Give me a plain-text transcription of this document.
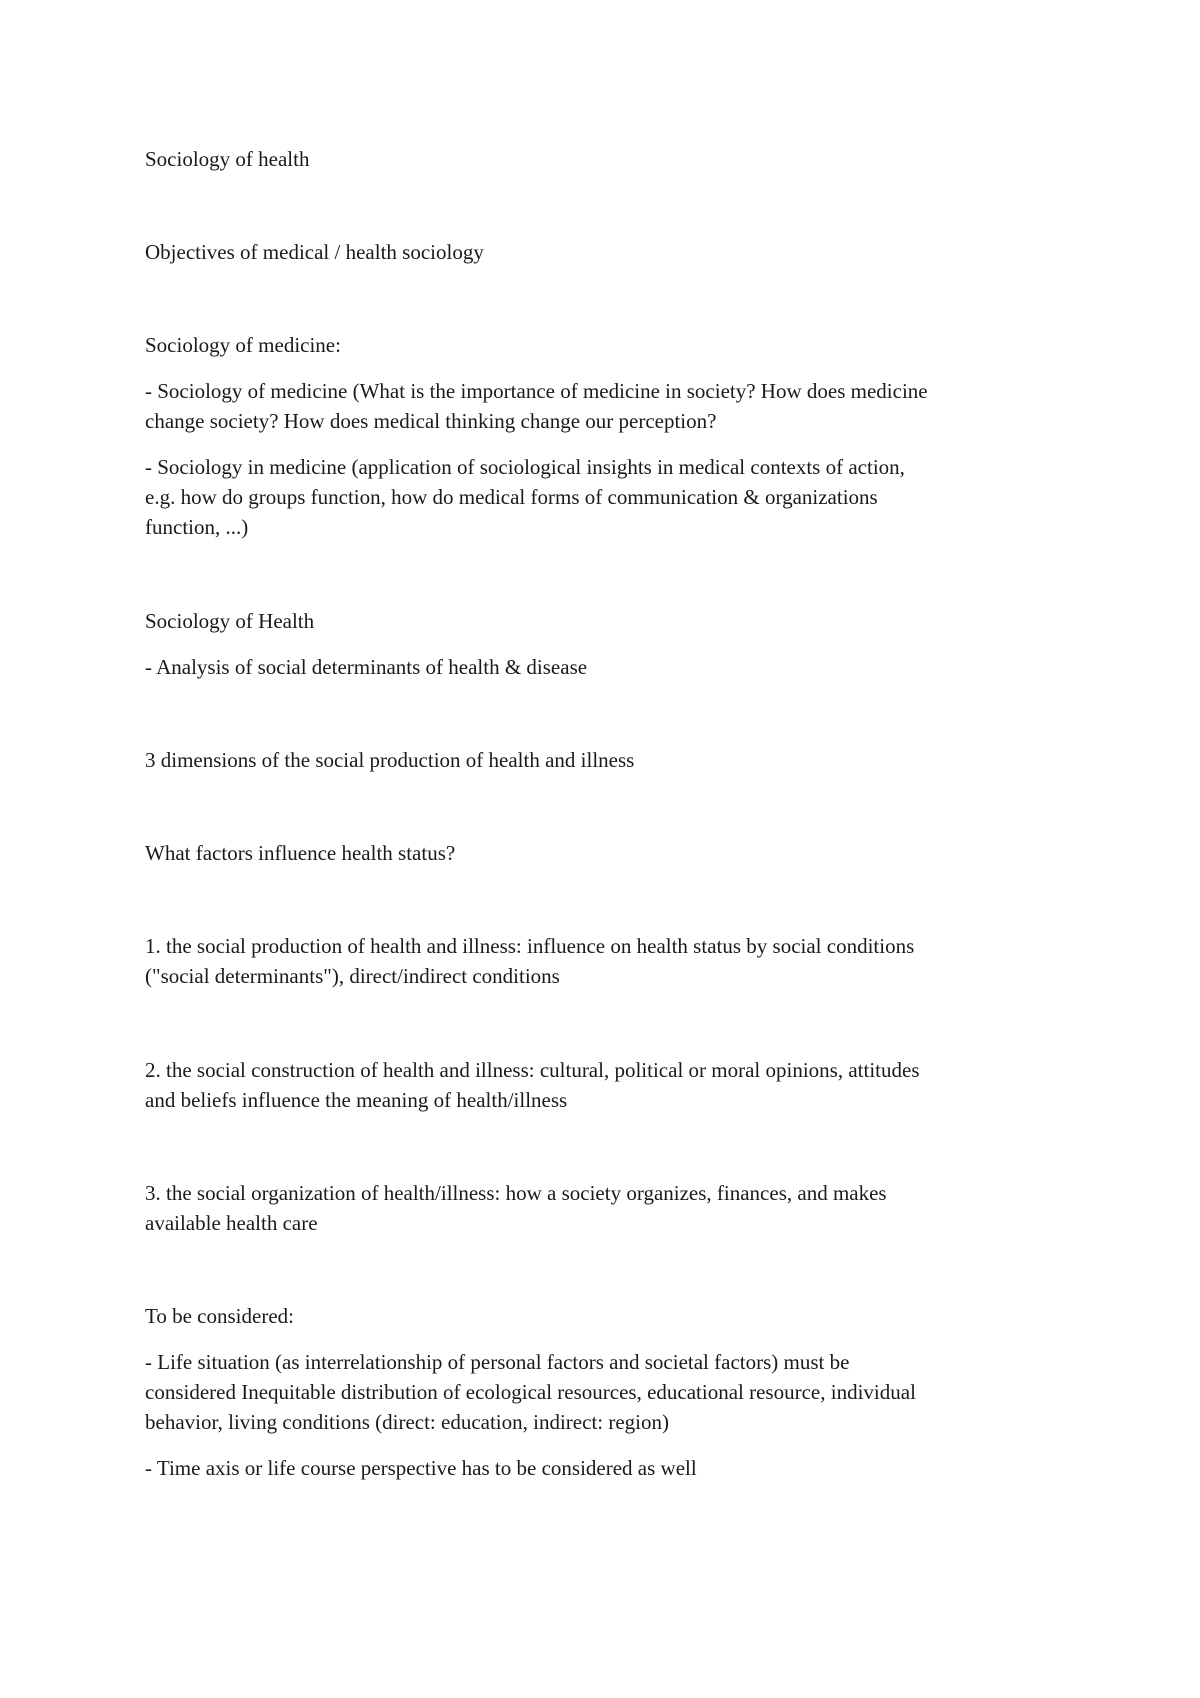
Sociology of health

Objectives of medical / health sociology

Sociology of medicine:

- Sociology of medicine (What is the importance of medicine in society? How does medicine

change society? How does medical thinking change our perception?

- Sociology in medicine (application of sociological insights in medical contexts of action,

e.g. how do groups function, how do medical forms of communication & organizations

function, ...)

Sociology of Health

- Analysis of social determinants of health & disease

3 dimensions of the social production of health and illness

What factors influence health status?

1. the social production of health and illness: influence on health status by social conditions

("social determinants"), direct/indirect conditions

2. the social construction of health and illness: cultural, political or moral opinions, attitudes

and beliefs influence the meaning of health/illness

3. the social organization of health/illness: how a society organizes, finances, and makes

available health care

To be considered:

- Life situation (as interrelationship of personal factors and societal factors) must be

considered Inequitable distribution of ecological resources, educational resource, individual

behavior, living conditions (direct: education, indirect: region)

- Time axis or life course perspective has to be considered as well
